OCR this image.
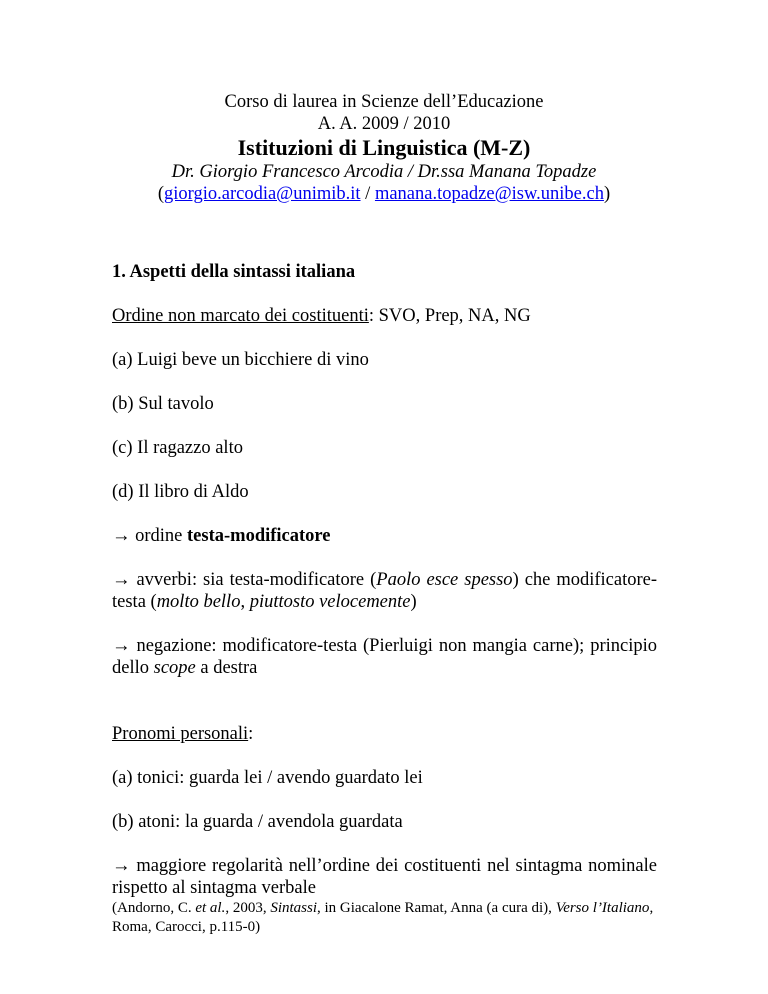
Corso di laurea in Scienze dell’Educazione
A. A. 2009 / 2010
Istituzioni di Linguistica (M-Z)
Dr. Giorgio Francesco Arcodia / Dr.ssa Manana Topadze
(giorgio.arcodia@unimib.it / manana.topadze@isw.unibe.ch)
1. Aspetti della sintassi italiana
Ordine non marcato dei costituenti: SVO, Prep, NA, NG
(a) Luigi beve un bicchiere di vino
(b) Sul tavolo
(c) Il ragazzo alto
(d) Il libro di Aldo
→ ordine testa-modificatore
→ avverbi: sia testa-modificatore (Paolo esce spesso) che modificatore-testa (molto bello, piuttosto velocemente)
→ negazione: modificatore-testa (Pierluigi non mangia carne); principio dello scope a destra
Pronomi personali:
(a) tonici: guarda lei / avendo guardato lei
(b) atoni: la guarda / avendola guardata
→ maggiore regolarità nell’ordine dei costituenti nel sintagma nominale rispetto al sintagma verbale
(Andorno, C. et al., 2003, Sintassi, in Giacalone Ramat, Anna (a cura di), Verso l’Italiano, Roma, Carocci, p.115-0)
